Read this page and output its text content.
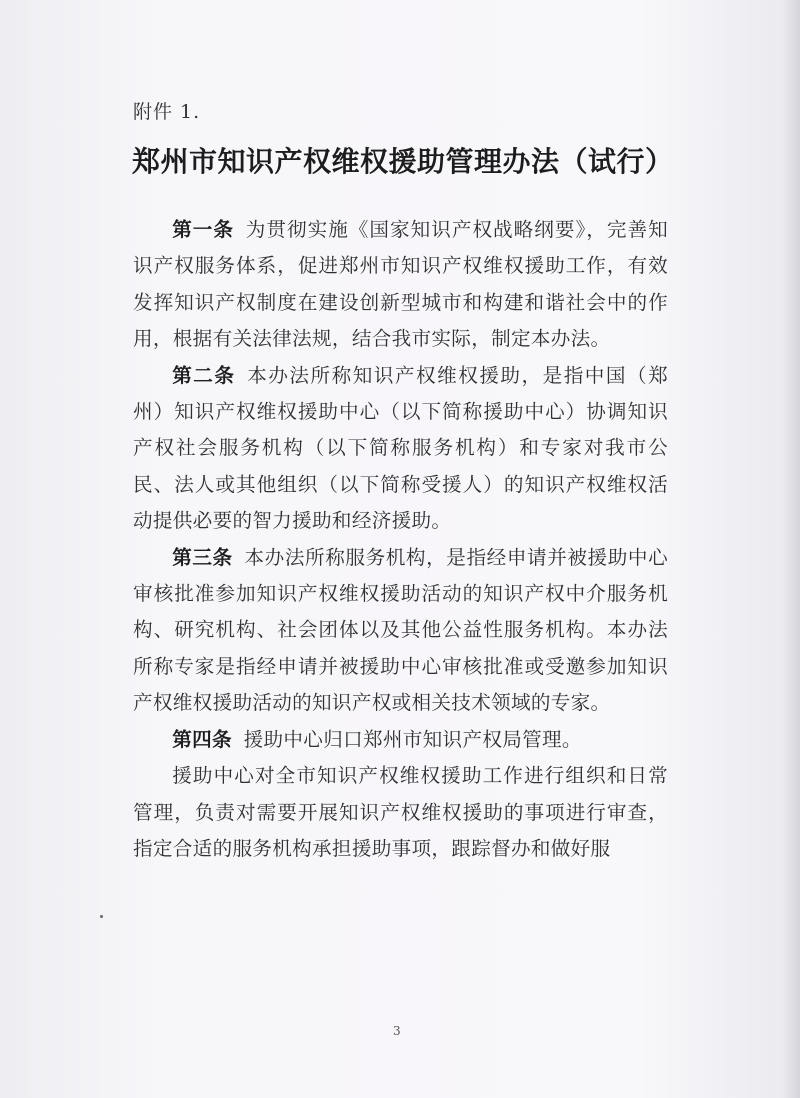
附件 1.
郑州市知识产权维权援助管理办法（试行）

第一条 为贯彻实施《国家知识产权战略纲要》，完善知识产权服务体系，促进郑州市知识产权维权援助工作，有效发挥知识产权制度在建设创新型城市和构建和谐社会中的作用，根据有关法律法规，结合我市实际，制定本办法。

第二条 本办法所称知识产权维权援助，是指中国（郑州）知识产权维权援助中心（以下简称援助中心）协调知识产权社会服务机构（以下简称服务机构）和专家对我市公民、法人或其他组织（以下简称受援人）的知识产权维权活动提供必要的智力援助和经济援助。

第三条 本办法所称服务机构，是指经申请并被援助中心审核批准参加知识产权维权援助活动的知识产权中介服务机构、研究机构、社会团体以及其他公益性服务机构。本办法所称专家是指经申请并被援助中心审核批准或受邀参加知识产权维权援助活动的知识产权或相关技术领域的专家。

第四条 援助中心归口郑州市知识产权局管理。

援助中心对全市知识产权维权援助工作进行组织和日常管理，负责对需要开展知识产权维权援助的事项进行审查，指定合适的服务机构承担援助事项，跟踪督办和做好服

3
